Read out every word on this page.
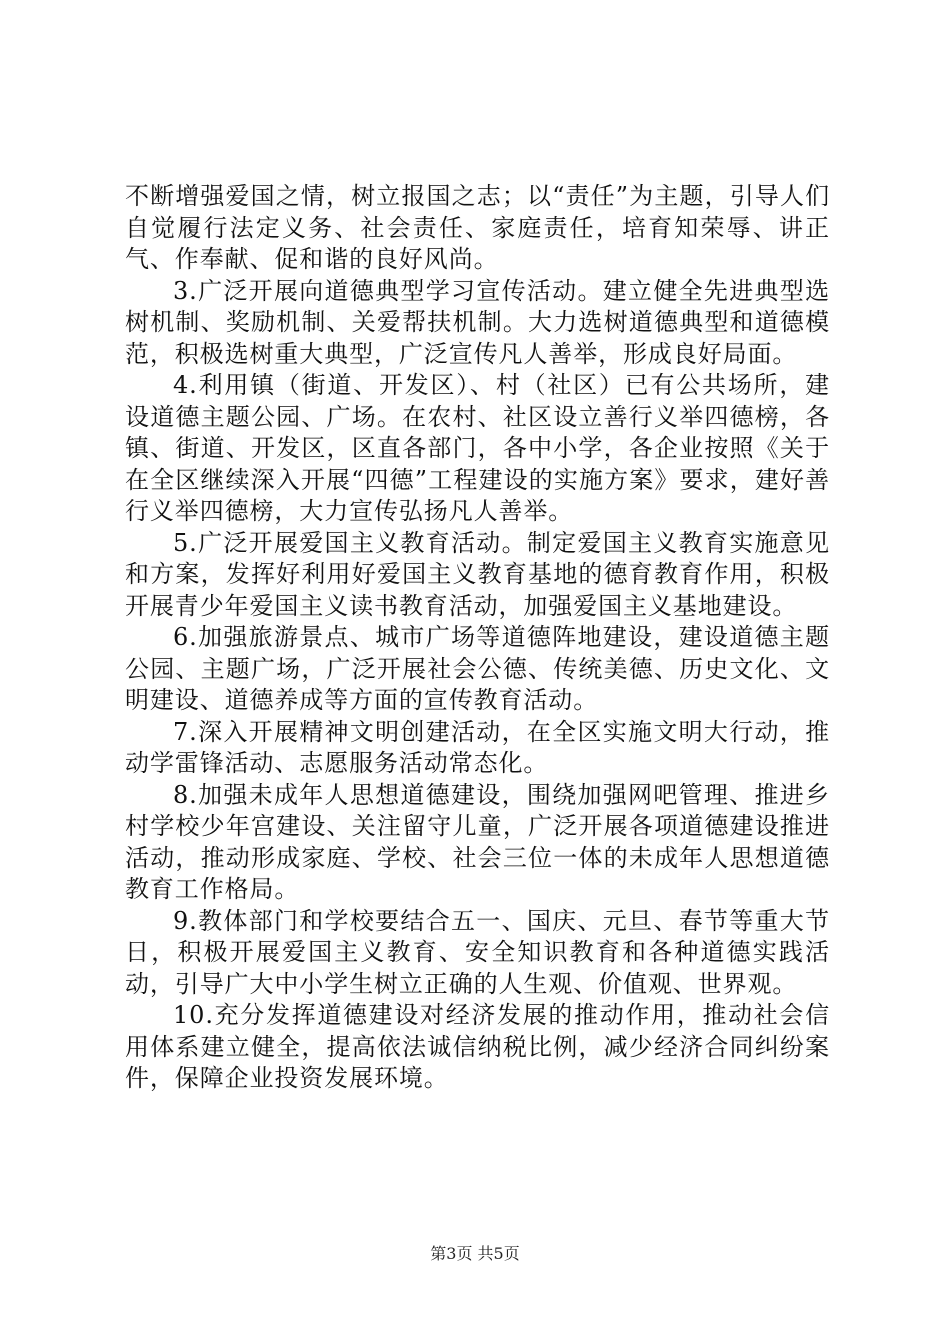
不断增强爱国之情，树立报国之志；以“责任”为主题，引导人们自觉履行法定义务、社会责任、家庭责任，培育知荣辱、讲正气、作奉献、促和谐的良好风尚。

3.广泛开展向道德典型学习宣传活动。建立健全先进典型选树机制、奖励机制、关爱帮扶机制。大力选树道德典型和道德模范，积极选树重大典型，广泛宣传凡人善举，形成良好局面。

4.利用镇（街道、开发区）、村（社区）已有公共场所，建设道德主题公园、广场。在农村、社区设立善行义举四德榜，各镇、街道、开发区，区直各部门，各中小学，各企业按照《关于在全区继续深入开展“四德”工程建设的实施方案》要求，建好善行义举四德榜，大力宣传弘扬凡人善举。

5.广泛开展爱国主义教育活动。制定爱国主义教育实施意见和方案，发挥好利用好爱国主义教育基地的德育教育作用，积极开展青少年爱国主义读书教育活动，加强爱国主义基地建设。

6.加强旅游景点、城市广场等道德阵地建设，建设道德主题公园、主题广场，广泛开展社会公德、传统美德、历史文化、文明建设、道德养成等方面的宣传教育活动。

7.深入开展精神文明创建活动，在全区实施文明大行动，推动学雷锋活动、志愿服务活动常态化。

8.加强未成年人思想道德建设，围绕加强网吧管理、推进乡村学校少年宫建设、关注留守儿童，广泛开展各项道德建设推进活动，推动形成家庭、学校、社会三位一体的未成年人思想道德教育工作格局。

9.教体部门和学校要结合五一、国庆、元旦、春节等重大节日，积极开展爱国主义教育、安全知识教育和各种道德实践活动，引导广大中小学生树立正确的人生观、价值观、世界观。

10.充分发挥道德建设对经济发展的推动作用，推动社会信用体系建立健全，提高依法诚信纳税比例，减少经济合同纠纷案件，保障企业投资发展环境。

第3页 共5页
